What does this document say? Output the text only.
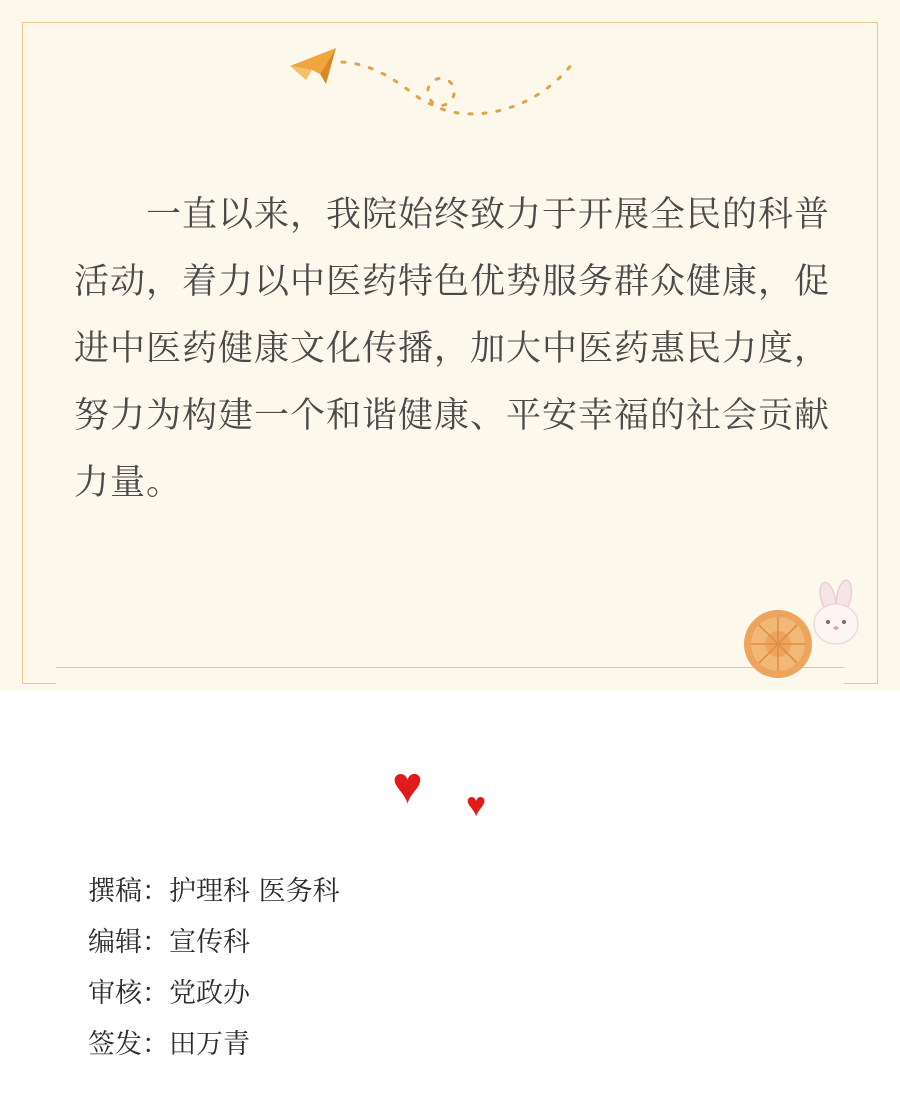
一直以来，我院始终致力于开展全民的科普活动，着力以中医药特色优势服务群众健康，促进中医药健康文化传播，加大中医药惠民力度，努力为构建一个和谐健康、平安幸福的社会贡献力量。
♥ ♥
撰稿：护理科 医务科
编辑：宣传科
审核：党政办
签发：田万青
